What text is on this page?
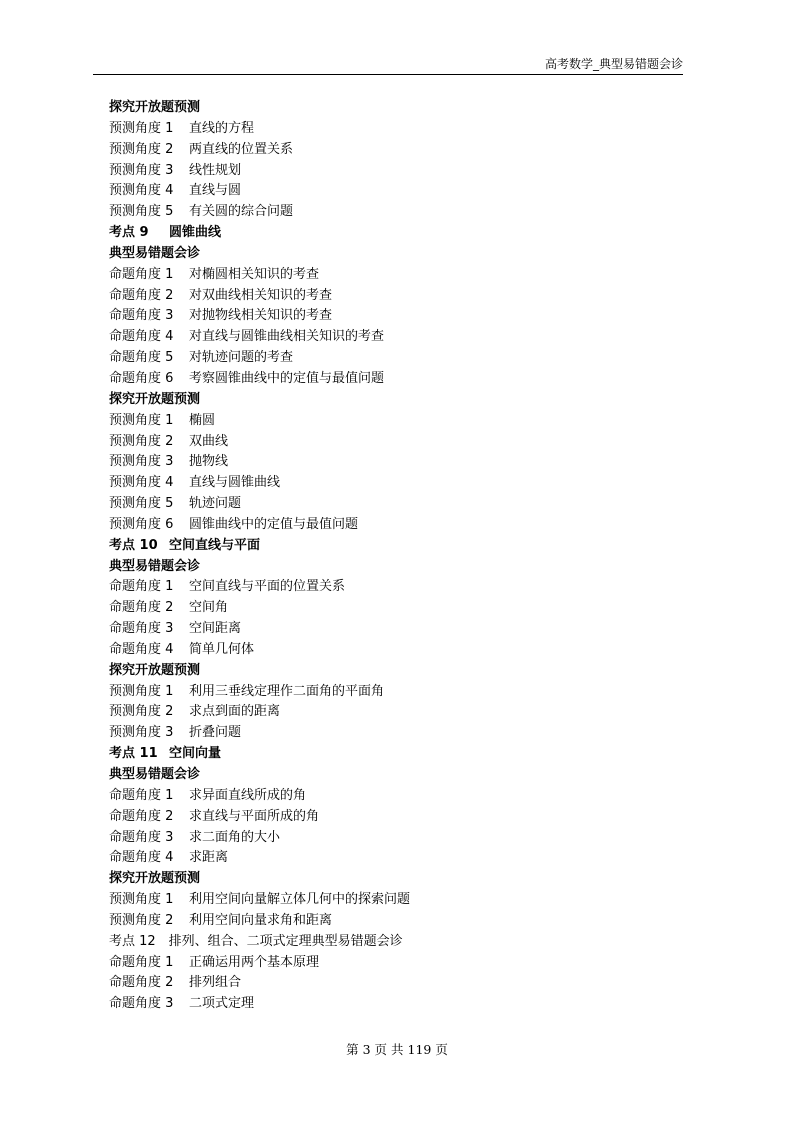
高考数学_典型易错题会诊
探究开放题预测
预测角度 1 直线的方程
预测角度 2 两直线的位置关系
预测角度 3 线性规划
预测角度 4 直线与圆
预测角度 5 有关圆的综合问题
考点 9 圆锥曲线
典型易错题会诊
命题角度 1 对椭圆相关知识的考查
命题角度 2 对双曲线相关知识的考查
命题角度 3 对抛物线相关知识的考查
命题角度 4 对直线与圆锥曲线相关知识的考查
命题角度 5 对轨迹问题的考查
命题角度 6 考察圆锥曲线中的定值与最值问题
探究开放题预测
预测角度 1 椭圆
预测角度 2 双曲线
预测角度 3 抛物线
预测角度 4 直线与圆锥曲线
预测角度 5 轨迹问题
预测角度 6 圆锥曲线中的定值与最值问题
考点 10 空间直线与平面
典型易错题会诊
命题角度 1 空间直线与平面的位置关系
命题角度 2 空间角
命题角度 3 空间距离
命题角度 4 简单几何体
探究开放题预测
预测角度 1 利用三垂线定理作二面角的平面角
预测角度 2 求点到面的距离
预测角度 3 折叠问题
考点 11 空间向量
典型易错题会诊
命题角度 1 求异面直线所成的角
命题角度 2 求直线与平面所成的角
命题角度 3 求二面角的大小
命题角度 4 求距离
探究开放题预测
预测角度 1 利用空间向量解立体几何中的探索问题
预测角度 2 利用空间向量求角和距离
考点 12　排列、组合、二项式定理典型易错题会诊
命题角度 1 正确运用两个基本原理
命题角度 2 排列组合
命题角度 3 二项式定理
第 3 页 共 119 页
